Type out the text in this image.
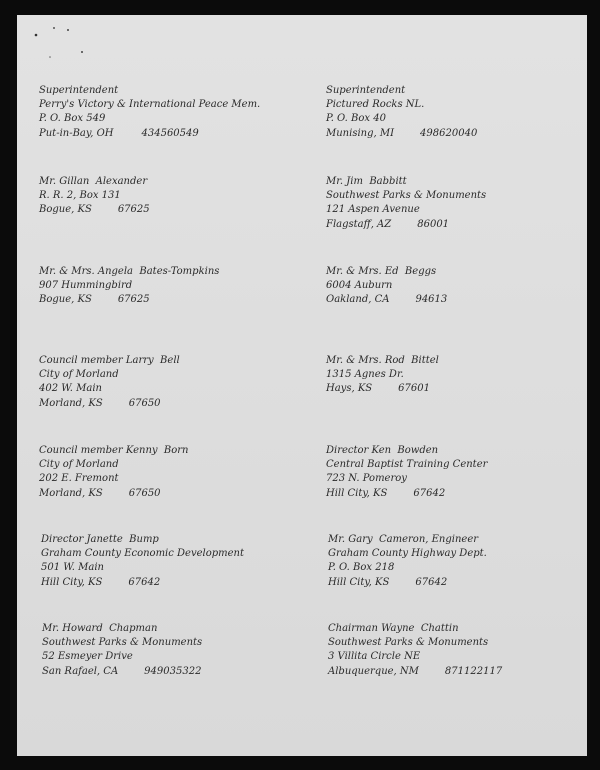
Superintendent
Perry's Victory & International Peace Mem.
P. O. Box 549
Put-in-Bay, OH	434560549
Superintendent
Pictured Rocks NL.
P. O. Box 40
Munising, MI	498620040
Mr. Gillan  Alexander
R. R. 2, Box 131
Bogue, KS	67625
Mr. Jim  Babbitt
Southwest Parks & Monuments
121 Aspen Avenue
Flagstaff, AZ	86001
Mr. & Mrs. Angela  Bates-Tompkins
907 Hummingbird
Bogue, KS	67625
Mr. & Mrs. Ed  Beggs
6004 Auburn
Oakland, CA	94613
Council member Larry  Bell
City of Morland
402 W. Main
Morland, KS	67650
Mr. & Mrs. Rod  Bittel
1315 Agnes Dr.
Hays, KS	67601
Council member Kenny  Born
City of Morland
202 E. Fremont
Morland, KS	67650
Director Ken  Bowden
Central Baptist Training Center
723 N. Pomeroy
Hill City, KS	67642
Director Janette  Bump
Graham County Economic Development
501 W. Main
Hill City, KS	67642
Mr. Gary  Cameron, Engineer
Graham County Highway Dept.
P. O. Box 218
Hill City, KS	67642
Mr. Howard  Chapman
Southwest Parks & Monuments
52 Esmeyer Drive
San Rafael, CA	949035322
Chairman Wayne  Chattin
Southwest Parks & Monuments
3 Villita Circle NE
Albuquerque, NM	871122117
